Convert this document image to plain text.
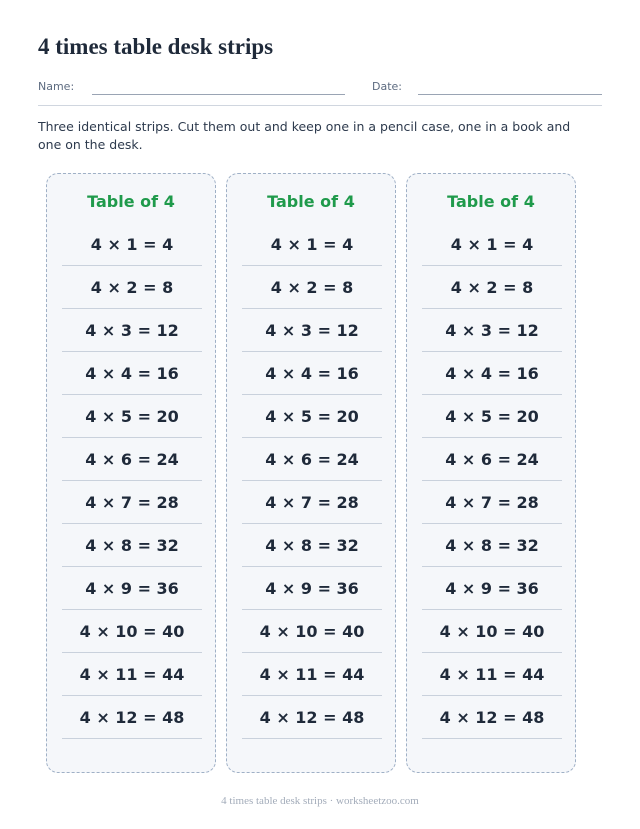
4 times table desk strips
Name:	Date:
Three identical strips. Cut them out and keep one in a pencil case, one in a book and one on the desk.
Table of 4
4 × 1 = 4
4 × 2 = 8
4 × 3 = 12
4 × 4 = 16
4 × 5 = 20
4 × 6 = 24
4 × 7 = 28
4 × 8 = 32
4 × 9 = 36
4 × 10 = 40
4 × 11 = 44
4 × 12 = 48
Table of 4
4 × 1 = 4
4 × 2 = 8
4 × 3 = 12
4 × 4 = 16
4 × 5 = 20
4 × 6 = 24
4 × 7 = 28
4 × 8 = 32
4 × 9 = 36
4 × 10 = 40
4 × 11 = 44
4 × 12 = 48
Table of 4
4 × 1 = 4
4 × 2 = 8
4 × 3 = 12
4 × 4 = 16
4 × 5 = 20
4 × 6 = 24
4 × 7 = 28
4 × 8 = 32
4 × 9 = 36
4 × 10 = 40
4 × 11 = 44
4 × 12 = 48
4 times table desk strips · worksheetzoo.com
